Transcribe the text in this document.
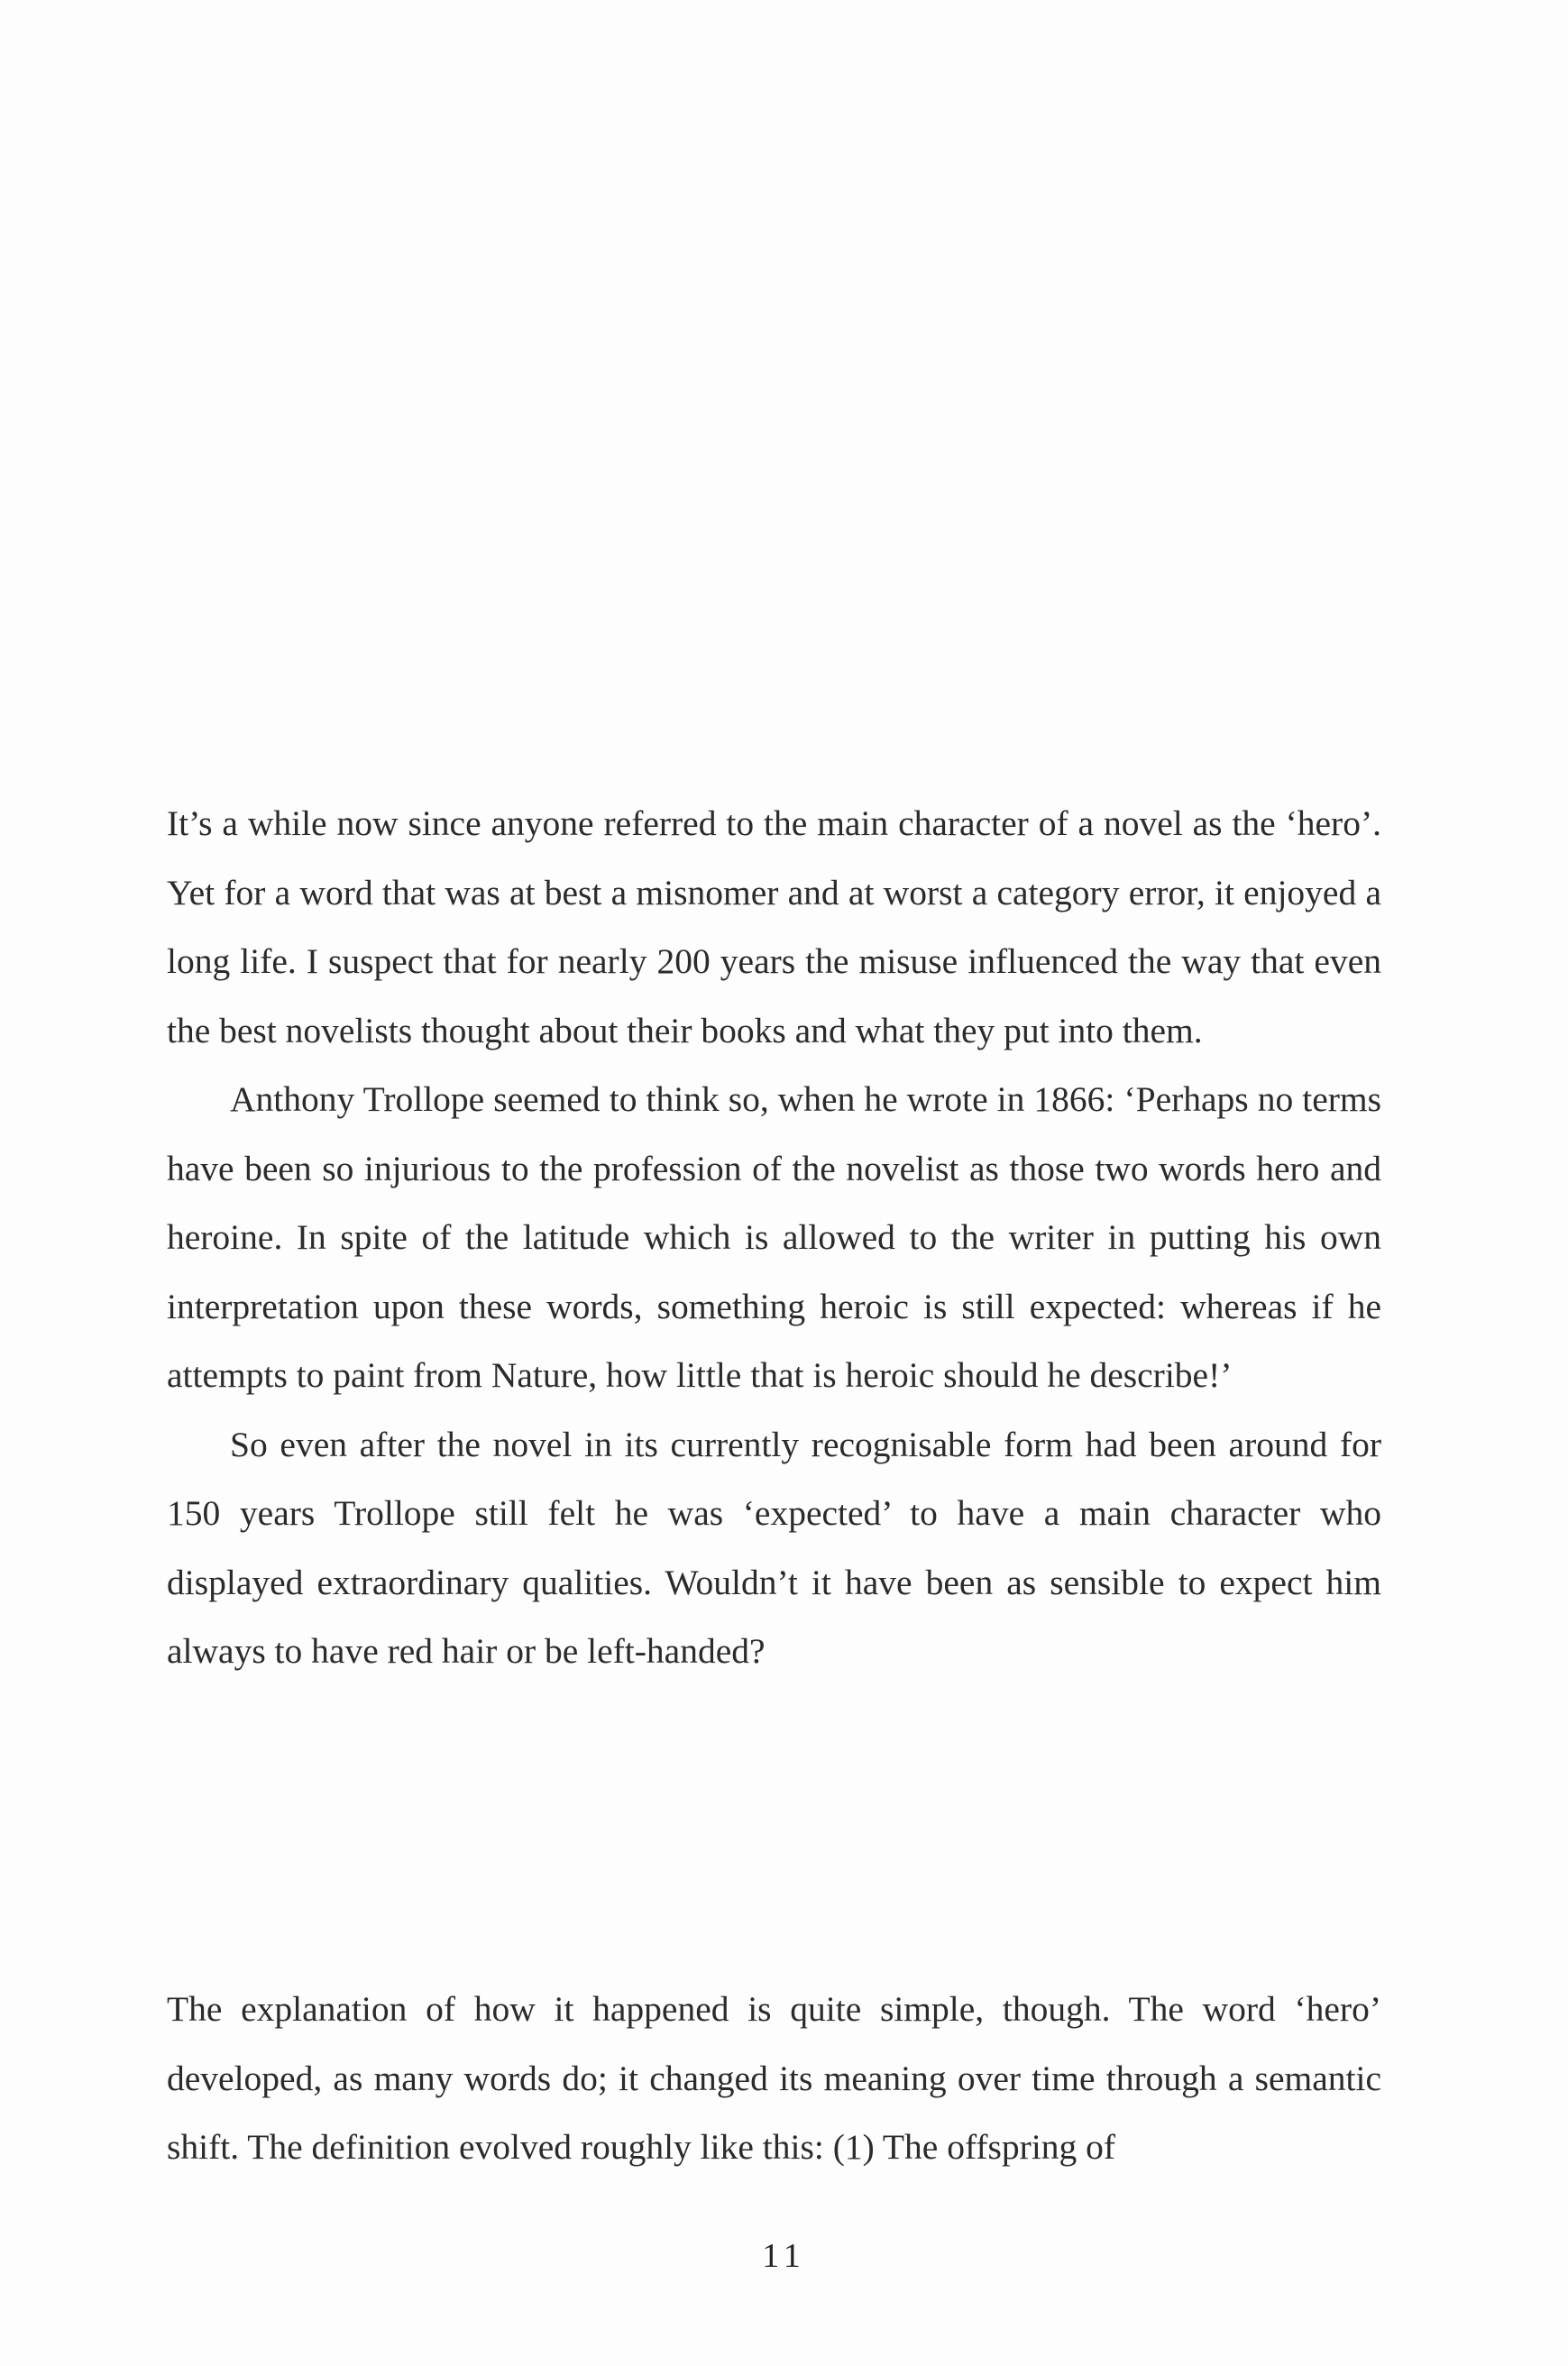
It’s a while now since anyone referred to the main character of a novel as the ‘hero’. Yet for a word that was at best a misnomer and at worst a category error, it enjoyed a long life. I suspect that for nearly 200 years the misuse influenced the way that even the best novelists thought about their books and what they put into them.

Anthony Trollope seemed to think so, when he wrote in 1866: ‘Perhaps no terms have been so injurious to the profession of the novelist as those two words hero and heroine. In spite of the latitude which is allowed to the writer in putting his own interpretation upon these words, something heroic is still expected: whereas if he attempts to paint from Nature, how little that is heroic should he describe!’

So even after the novel in its currently recognisable form had been around for 150 years Trollope still felt he was ‘expected’ to have a main character who displayed extraordinary qualities. Wouldn’t it have been as sensible to expect him always to have red hair or be left-handed?

The explanation of how it happened is quite simple, though. The word ‘hero’ developed, as many words do; it changed its meaning over time through a semantic shift. The definition evolved roughly like this: (1) The offspring of

11
